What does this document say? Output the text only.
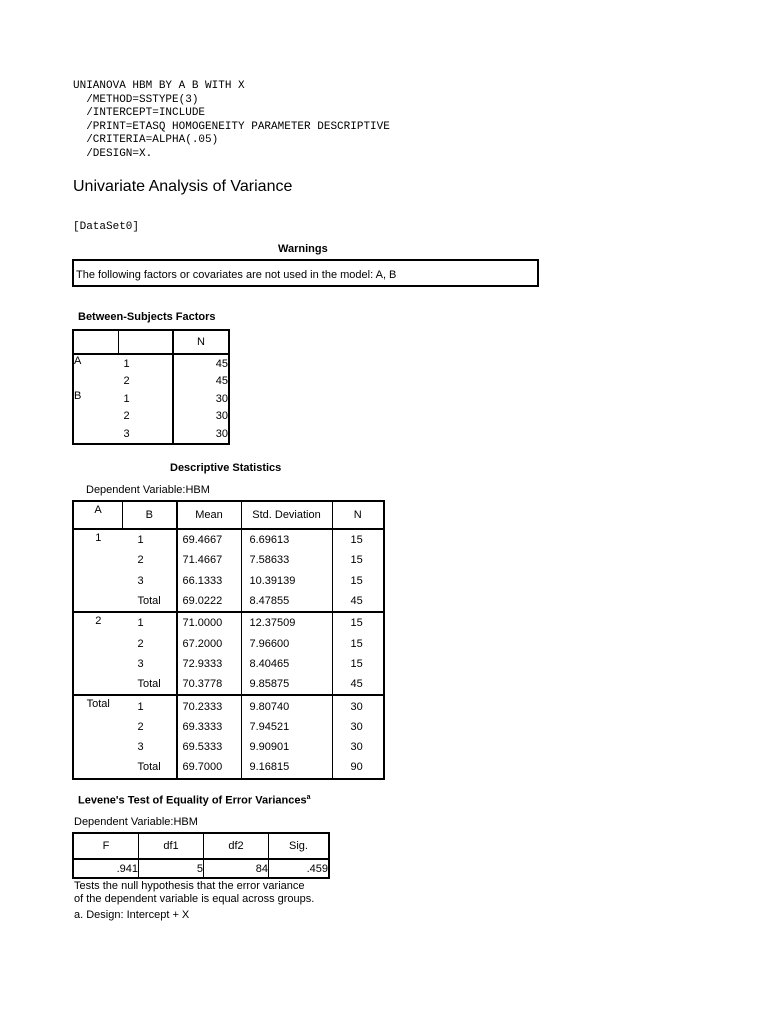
UNIANOVA HBM BY A B WITH X
/METHOD=SSTYPE(3)
/INTERCEPT=INCLUDE
/PRINT=ETASQ HOMOGENEITY PARAMETER DESCRIPTIVE
/CRITERIA=ALPHA(.05)
/DESIGN=X.
Univariate Analysis of Variance
[DataSet0]
Warnings
The following factors or covariates are not used in the model: A, B
Between-Subjects Factors
		N
A	1	45
	2	45
B	1	30
	2	30
	3	30
Descriptive Statistics
Dependent Variable:HBM
A	B	Mean	Std. Deviation	N
1	1	69.4667	6.69613	15
	2	71.4667	7.58633	15
	3	66.1333	10.39139	15
	Total	69.0222	8.47855	45
2	1	71.0000	12.37509	15
	2	67.2000	7.96600	15
	3	72.9333	8.40465	15
	Total	70.3778	9.85875	45
Total	1	70.2333	9.80740	30
	2	69.3333	7.94521	30
	3	69.5333	9.90901	30
	Total	69.7000	9.16815	90
Levene's Test of Equality of Error Variances$^a$
Dependent Variable:HBM
F	df1	df2	Sig.
.941	5	84	.459
Tests the null hypothesis that the error variance
of the dependent variable is equal across groups.
a. Design: Intercept + X
